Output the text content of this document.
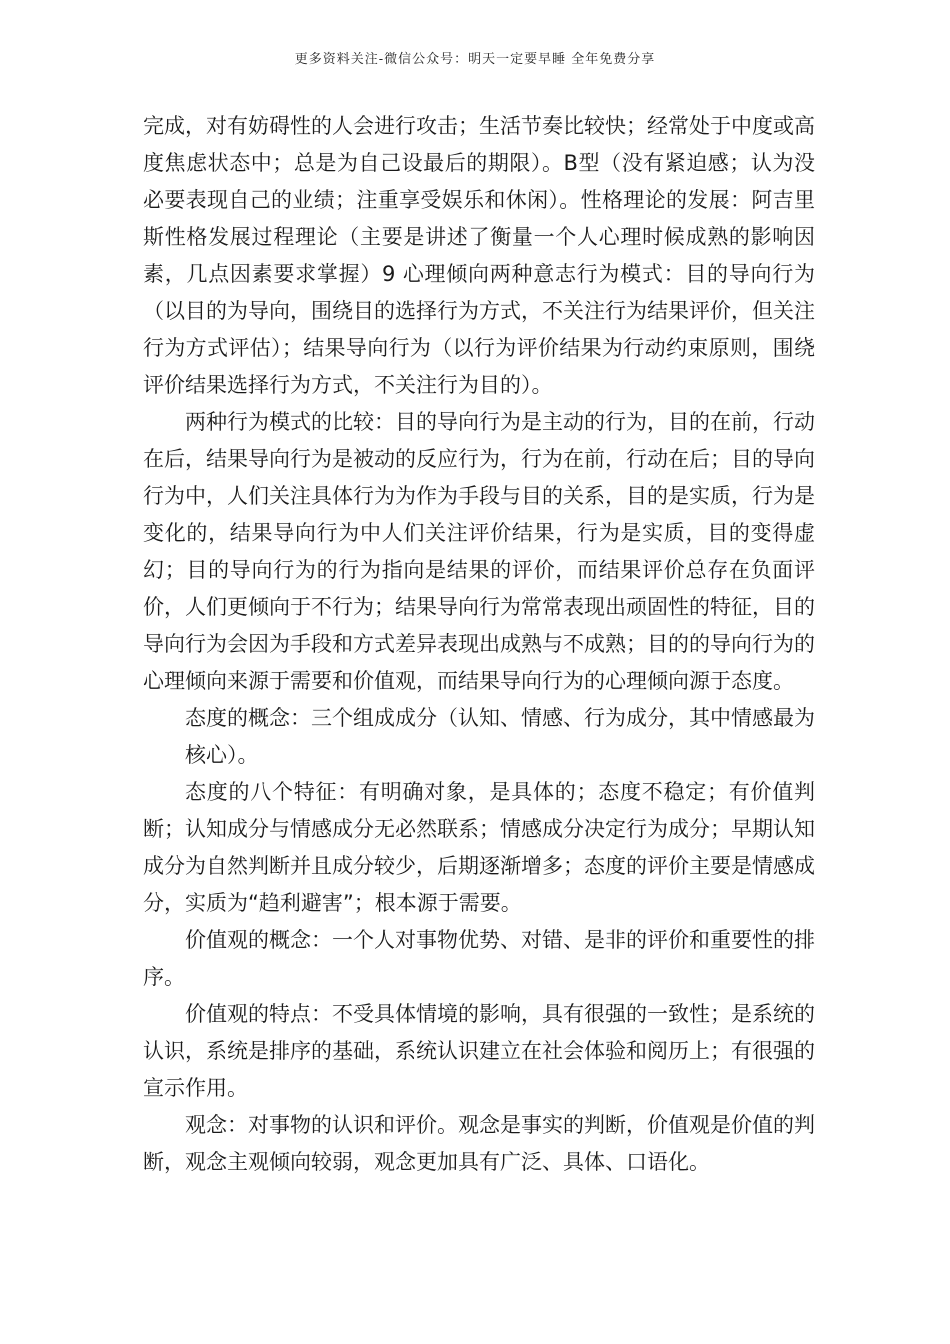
更多资料关注-微信公众号：明天一定要早睡 全年免费分享

完成，对有妨碍性的人会进行攻击；生活节奏比较快；经常处于中度或高度焦虑状态中；总是为自己设最后的期限）。B型（没有紧迫感；认为没必要表现自己的业绩；注重享受娱乐和休闲）。性格理论的发展：阿吉里斯性格发展过程理论（主要是讲述了衡量一个人心理时候成熟的影响因素，几点因素要求掌握）9 心理倾向两种意志行为模式：目的导向行为（以目的为导向，围绕目的选择行为方式，不关注行为结果评价，但关注行为方式评估）；结果导向行为（以行为评价结果为行动约束原则，围绕评价结果选择行为方式，不关注行为目的）。

两种行为模式的比较：目的导向行为是主动的行为，目的在前，行动在后，结果导向行为是被动的反应行为，行为在前，行动在后；目的导向行为中，人们关注具体行为为作为手段与目的关系，目的是实质，行为是变化的，结果导向行为中人们关注评价结果，行为是实质，目的变得虚幻；目的导向行为的行为指向是结果的评价，而结果评价总存在负面评价，人们更倾向于不行为；结果导向行为常常表现出顽固性的特征，目的导向行为会因为手段和方式差异表现出成熟与不成熟；目的的导向行为的心理倾向来源于需要和价值观，而结果导向行为的心理倾向源于态度。

态度的概念：三个组成成分（认知、情感、行为成分，其中情感最为核心）。

态度的八个特征：有明确对象，是具体的；态度不稳定；有价值判断；认知成分与情感成分无必然联系；情感成分决定行为成分；早期认知成分为自然判断并且成分较少，后期逐渐增多；态度的评价主要是情感成分，实质为“趋利避害”；根本源于需要。

价值观的概念：一个人对事物优势、对错、是非的评价和重要性的排序。

价值观的特点：不受具体情境的影响，具有很强的一致性；是系统的认识，系统是排序的基础，系统认识建立在社会体验和阅历上；有很强的宣示作用。

观念：对事物的认识和评价。观念是事实的判断，价值观是价值的判断，观念主观倾向较弱，观念更加具有广泛、具体、口语化。
